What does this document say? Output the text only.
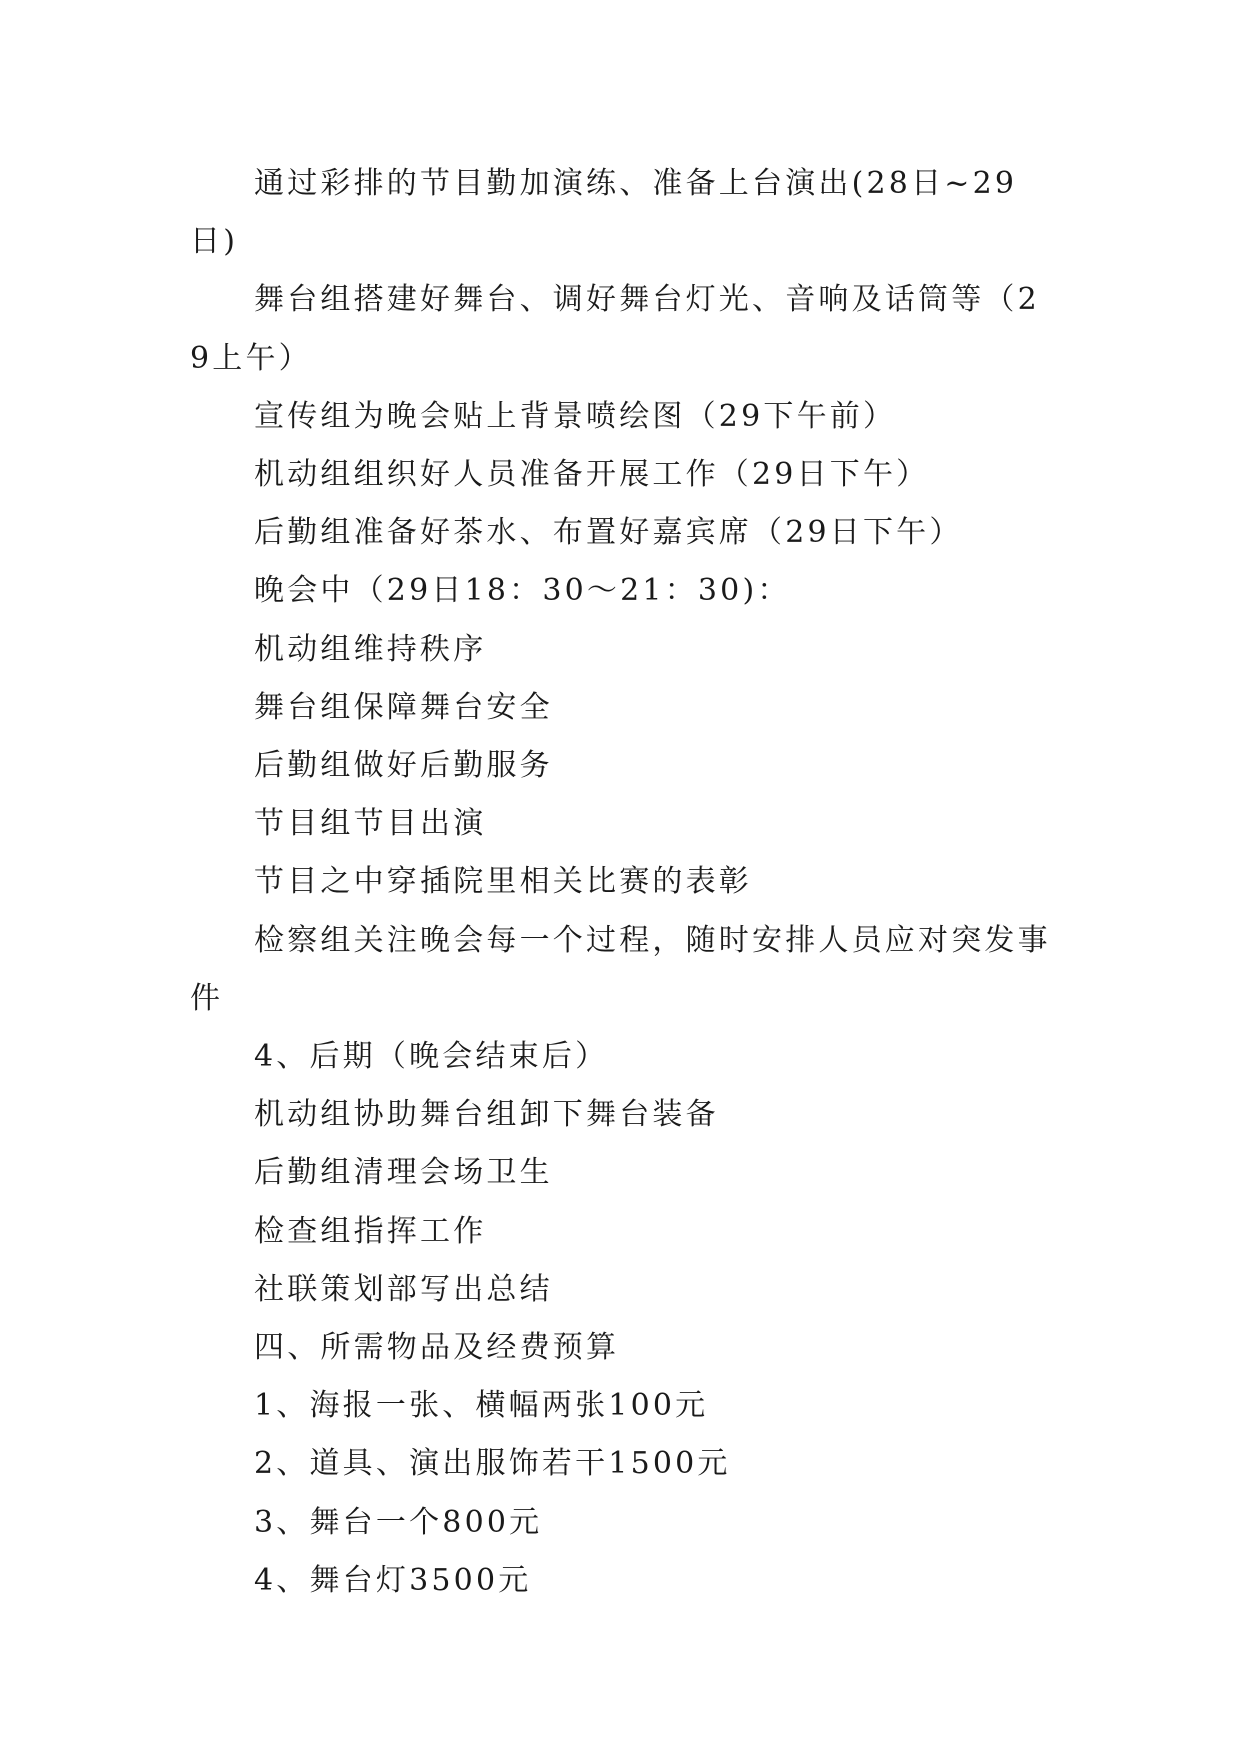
通过彩排的节目勤加演练、准备上台演出(28日~29日)

舞台组搭建好舞台、调好舞台灯光、音响及话筒等（29上午）

宣传组为晚会贴上背景喷绘图（29下午前）

机动组组织好人员准备开展工作（29日下午）

后勤组准备好茶水、布置好嘉宾席（29日下午）

晚会中（29日18：30～21：30)：

机动组维持秩序

舞台组保障舞台安全

后勤组做好后勤服务

节目组节目出演

节目之中穿插院里相关比赛的表彰

检察组关注晚会每一个过程，随时安排人员应对突发事件

4、后期（晚会结束后）

机动组协助舞台组卸下舞台装备

后勤组清理会场卫生

检查组指挥工作

社联策划部写出总结

四、所需物品及经费预算

1、海报一张、横幅两张100元

2、道具、演出服饰若干1500元

3、舞台一个800元

4、舞台灯3500元
